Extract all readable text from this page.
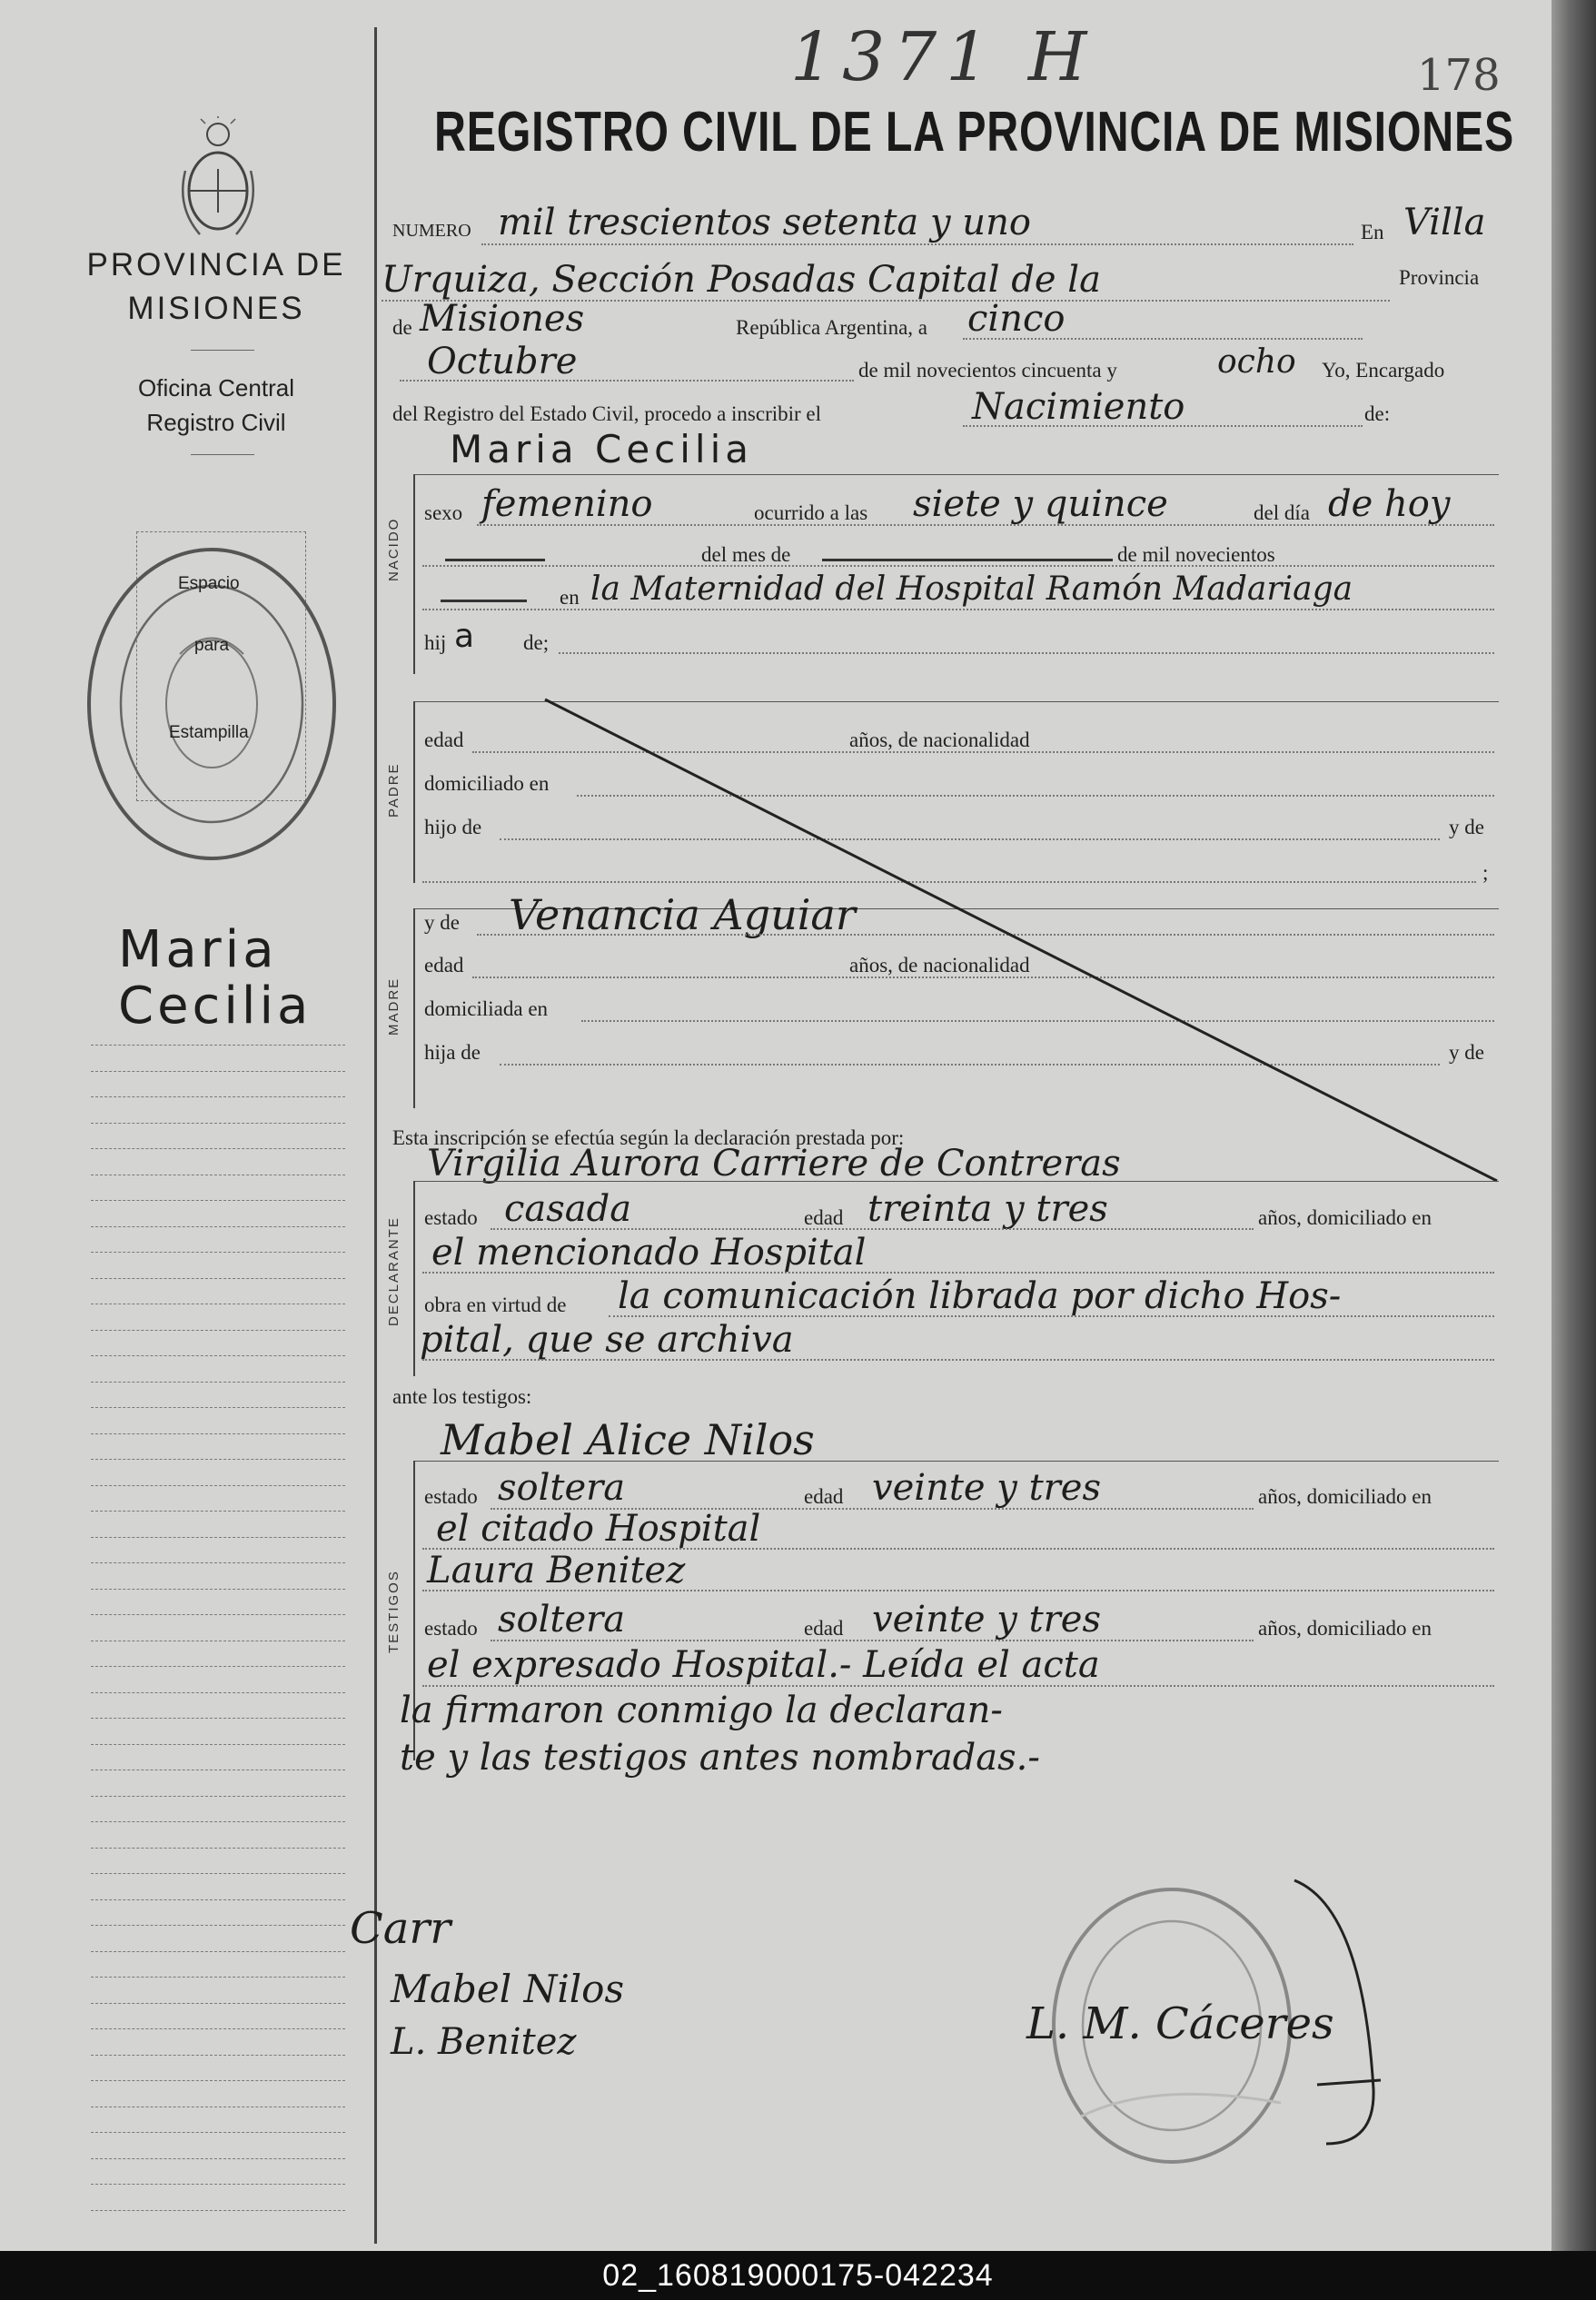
PROVINCIA DE
MISIONES
Oficina Central
Registro Civil
Espacio
para
Estampilla
Maria
Cecilia
1371 H	178
REGISTRO CIVIL DE LA PROVINCIA DE MISIONES
NUMERO mil trescientos setenta y uno	En Villa
Urquiza, Sección Posadas Capital de la	Provincia
de Misiones	República Argentina, a cinco
Octubre	de mil novecientos cincuenta y	ocho Yo, Encargado
del Registro del Estado Civil, procedo a inscribir el	Nacimiento	de:
Maria Cecilia
NACIDO
sexo femenino	ocurrido a las siete y quince	del día de hoy
del mes de	de mil novecientos
en la Maternidad del Hospital Ramón Madariaga
hij a de;
PADRE
edad	años, de nacionalidad
domiciliado en
hijo de	y de
;
MADRE
y de Venancia Aguiar
edad	años, de nacionalidad
domiciliada en
hija de	y de
Esta inscripción se efectúa según la declaración prestada por:
Virgilia Aurora Carriere de Contreras
DECLARANTE estado casada	edad treinta y tres	años, domiciliado en
el mencionado Hospital
obra en virtud de la comunicación librada por dicho Hos-
pital, que se archiva
ante los testigos:
Mabel Alice Nilos
TESTIGOS
estado soltera	edad veinte y tres	años, domiciliado en
el citado Hospital
Laura Benitez
estado soltera	edad veinte y tres	años, domiciliado en
el expresado Hospital.- Leída el acta
la firmaron conmigo la declaran-
te y las testigos antes nombradas.-
Carr
Mabel Nilos
L. Benitez	L. M. Cáceres
02_160819000175-042234
